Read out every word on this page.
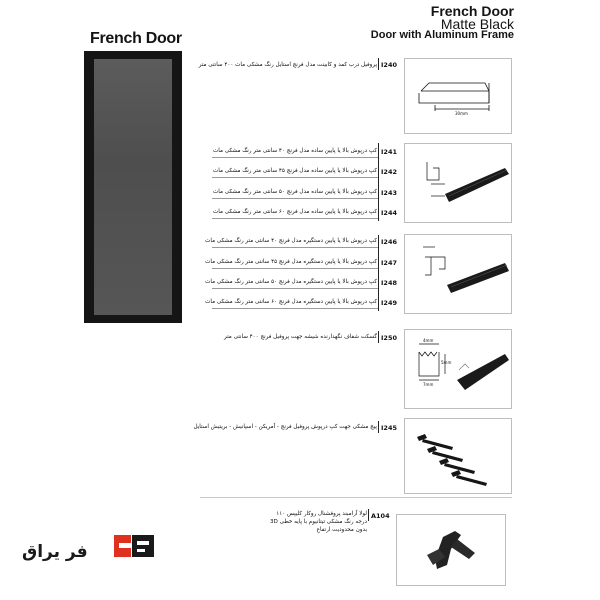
French Door
Matte Black
Door with Aluminum Frame
French Door
I240
پروفیل درب کمد و کابینت مدل فرنچ استایل رنگ مشکی مات ۴۰۰ سانتی متر
30mm
I241
I242
I243
I244
کپ درپوش بالا یا پایین ساده مدل فرنچ ۴۰ سانتی متر رنگ مشکی مات
کپ درپوش بالا یا پایین ساده مدل فرنچ ۴۵ سانتی متر رنگ مشکی مات
کپ درپوش بالا یا پایین ساده مدل فرنچ ۵۰ سانتی متر رنگ مشکی مات
کپ درپوش بالا یا پایین ساده مدل فرنچ ۶۰ سانتی متر رنگ مشکی مات
I246
I247
I248
I249
کپ درپوش بالا یا پایین دستگیره مدل فرنچ ۴۰ سانتی متر رنگ مشکی مات
کپ درپوش بالا یا پایین دستگیره مدل فرنچ ۴۵ سانتی متر رنگ مشکی مات
کپ درپوش بالا یا پایین دستگیره مدل فرنچ ۵۰ سانتی متر رنگ مشکی مات
کپ درپوش بالا یا پایین دستگیره مدل فرنچ ۶۰ سانتی متر رنگ مشکی مات
I250
گسکت شفاف نگهدارنده شیشه جهت پروفیل فرنچ ۴۰۰ سانتی متر
4mm
5mm
7mm
I245
پیچ مشکی جهت کپ درپوش پروفیل فرنچ - آمریکن - اسپانیش - بریتیش استایل
A104
لولا آرامبند پروفشنال روکار کلیپس ۱۱۰
درجه رنگ مشکی تیتانیوم با پایه خطی 3D
بدون محدودیت ارتفاع
فر یراق
